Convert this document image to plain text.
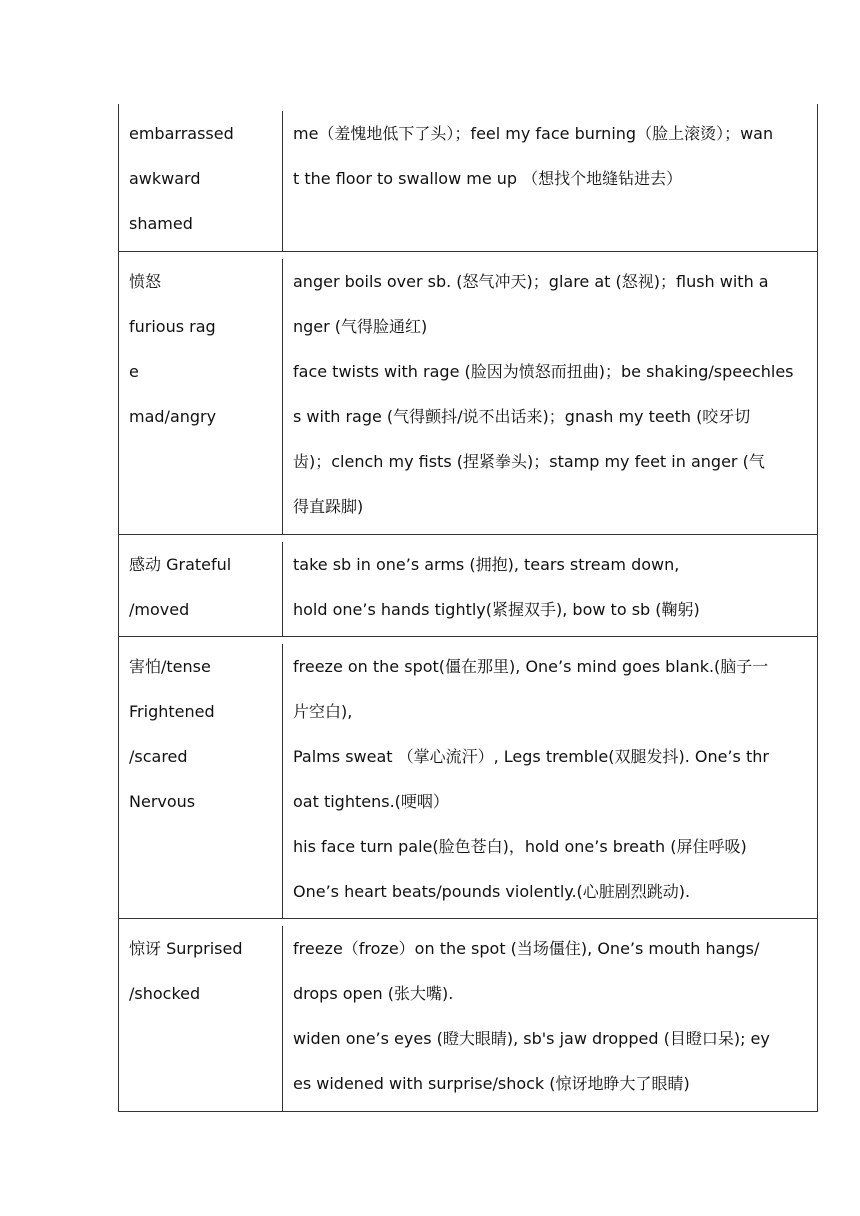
embarrassed
awkward
shamed
me（羞愧地低下了头）；feel my face burning（脸上滚烫）；wan
t the floor to swallow me up （想找个地缝钻进去）
愤怒
furious rag
e
mad/angry
anger boils over sb. (怒气冲天)；glare at (怒视)；flush with a
nger (气得脸通红)
face twists with rage (脸因为愤怒而扭曲)；be shaking/speechles
s with rage (气得颤抖/说不出话来)；gnash my teeth (咬牙切
齿)；clench my fists (捏紧拳头)；stamp my feet in anger (气
得直跺脚)
感动 Grateful
/moved
take sb in one’s arms (拥抱), tears stream down,
hold one’s hands tightly(紧握双手), bow to sb (鞠躬)
害怕/tense
Frightened
/scared
Nervous
freeze on the spot(僵在那里), One’s mind goes blank.(脑子一
片空白),
Palms sweat （掌心流汗）, Legs tremble(双腿发抖). One’s thr
oat tightens.(哽咽）
his face turn pale(脸色苍白)，hold one’s breath (屏住呼吸)
One’s heart beats/pounds violently.(心脏剧烈跳动).
惊讶 Surprised
/shocked
freeze（froze）on the spot (当场僵住), One’s mouth hangs/
drops open (张大嘴).
widen one’s eyes (瞪大眼睛), sb's jaw dropped (目瞪口呆); ey
es widened with surprise/shock (惊讶地睁大了眼睛)
